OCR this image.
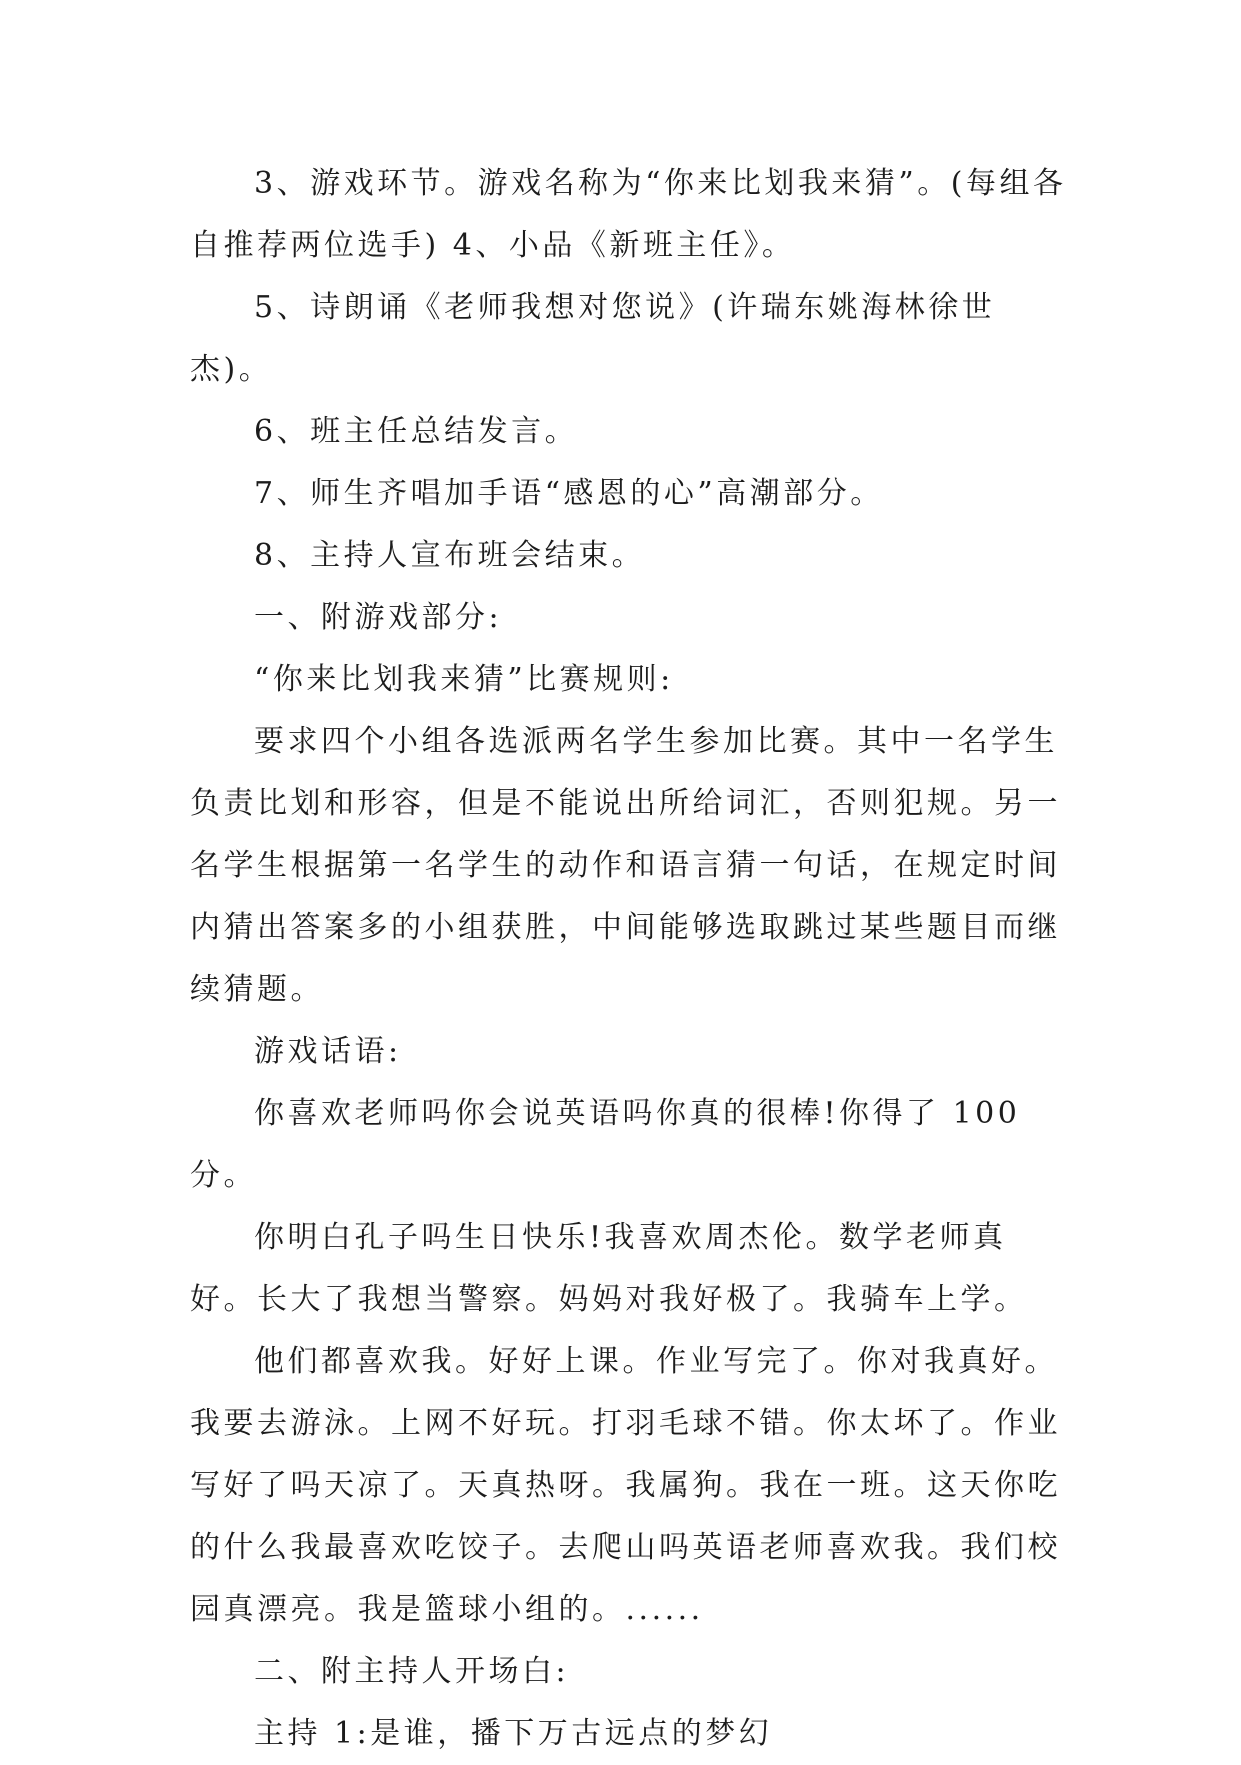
3、游戏环节。游戏名称为“你来比划我来猜”。(每组各自推荐两位选手) 4、小品《新班主任》。

5、诗朗诵《老师我想对您说》(许瑞东姚海林徐世杰)。

6、班主任总结发言。

7、师生齐唱加手语“感恩的心”高潮部分。

8、主持人宣布班会结束。

一、附游戏部分:

“你来比划我来猜”比赛规则:

要求四个小组各选派两名学生参加比赛。其中一名学生负责比划和形容，但是不能说出所给词汇，否则犯规。另一名学生根据第一名学生的动作和语言猜一句话，在规定时间内猜出答案多的小组获胜，中间能够选取跳过某些题目而继续猜题。

游戏话语:

你喜欢老师吗你会说英语吗你真的很棒!你得了 100 分。

你明白孔子吗生日快乐!我喜欢周杰伦。数学老师真好。长大了我想当警察。妈妈对我好极了。我骑车上学。

他们都喜欢我。好好上课。作业写完了。你对我真好。我要去游泳。上网不好玩。打羽毛球不错。你太坏了。作业写好了吗天凉了。天真热呀。我属狗。我在一班。这天你吃的什么我最喜欢吃饺子。去爬山吗英语老师喜欢我。我们校园真漂亮。我是篮球小组的。......

二、附主持人开场白:

主持 1:是谁，播下万古远点的梦幻
